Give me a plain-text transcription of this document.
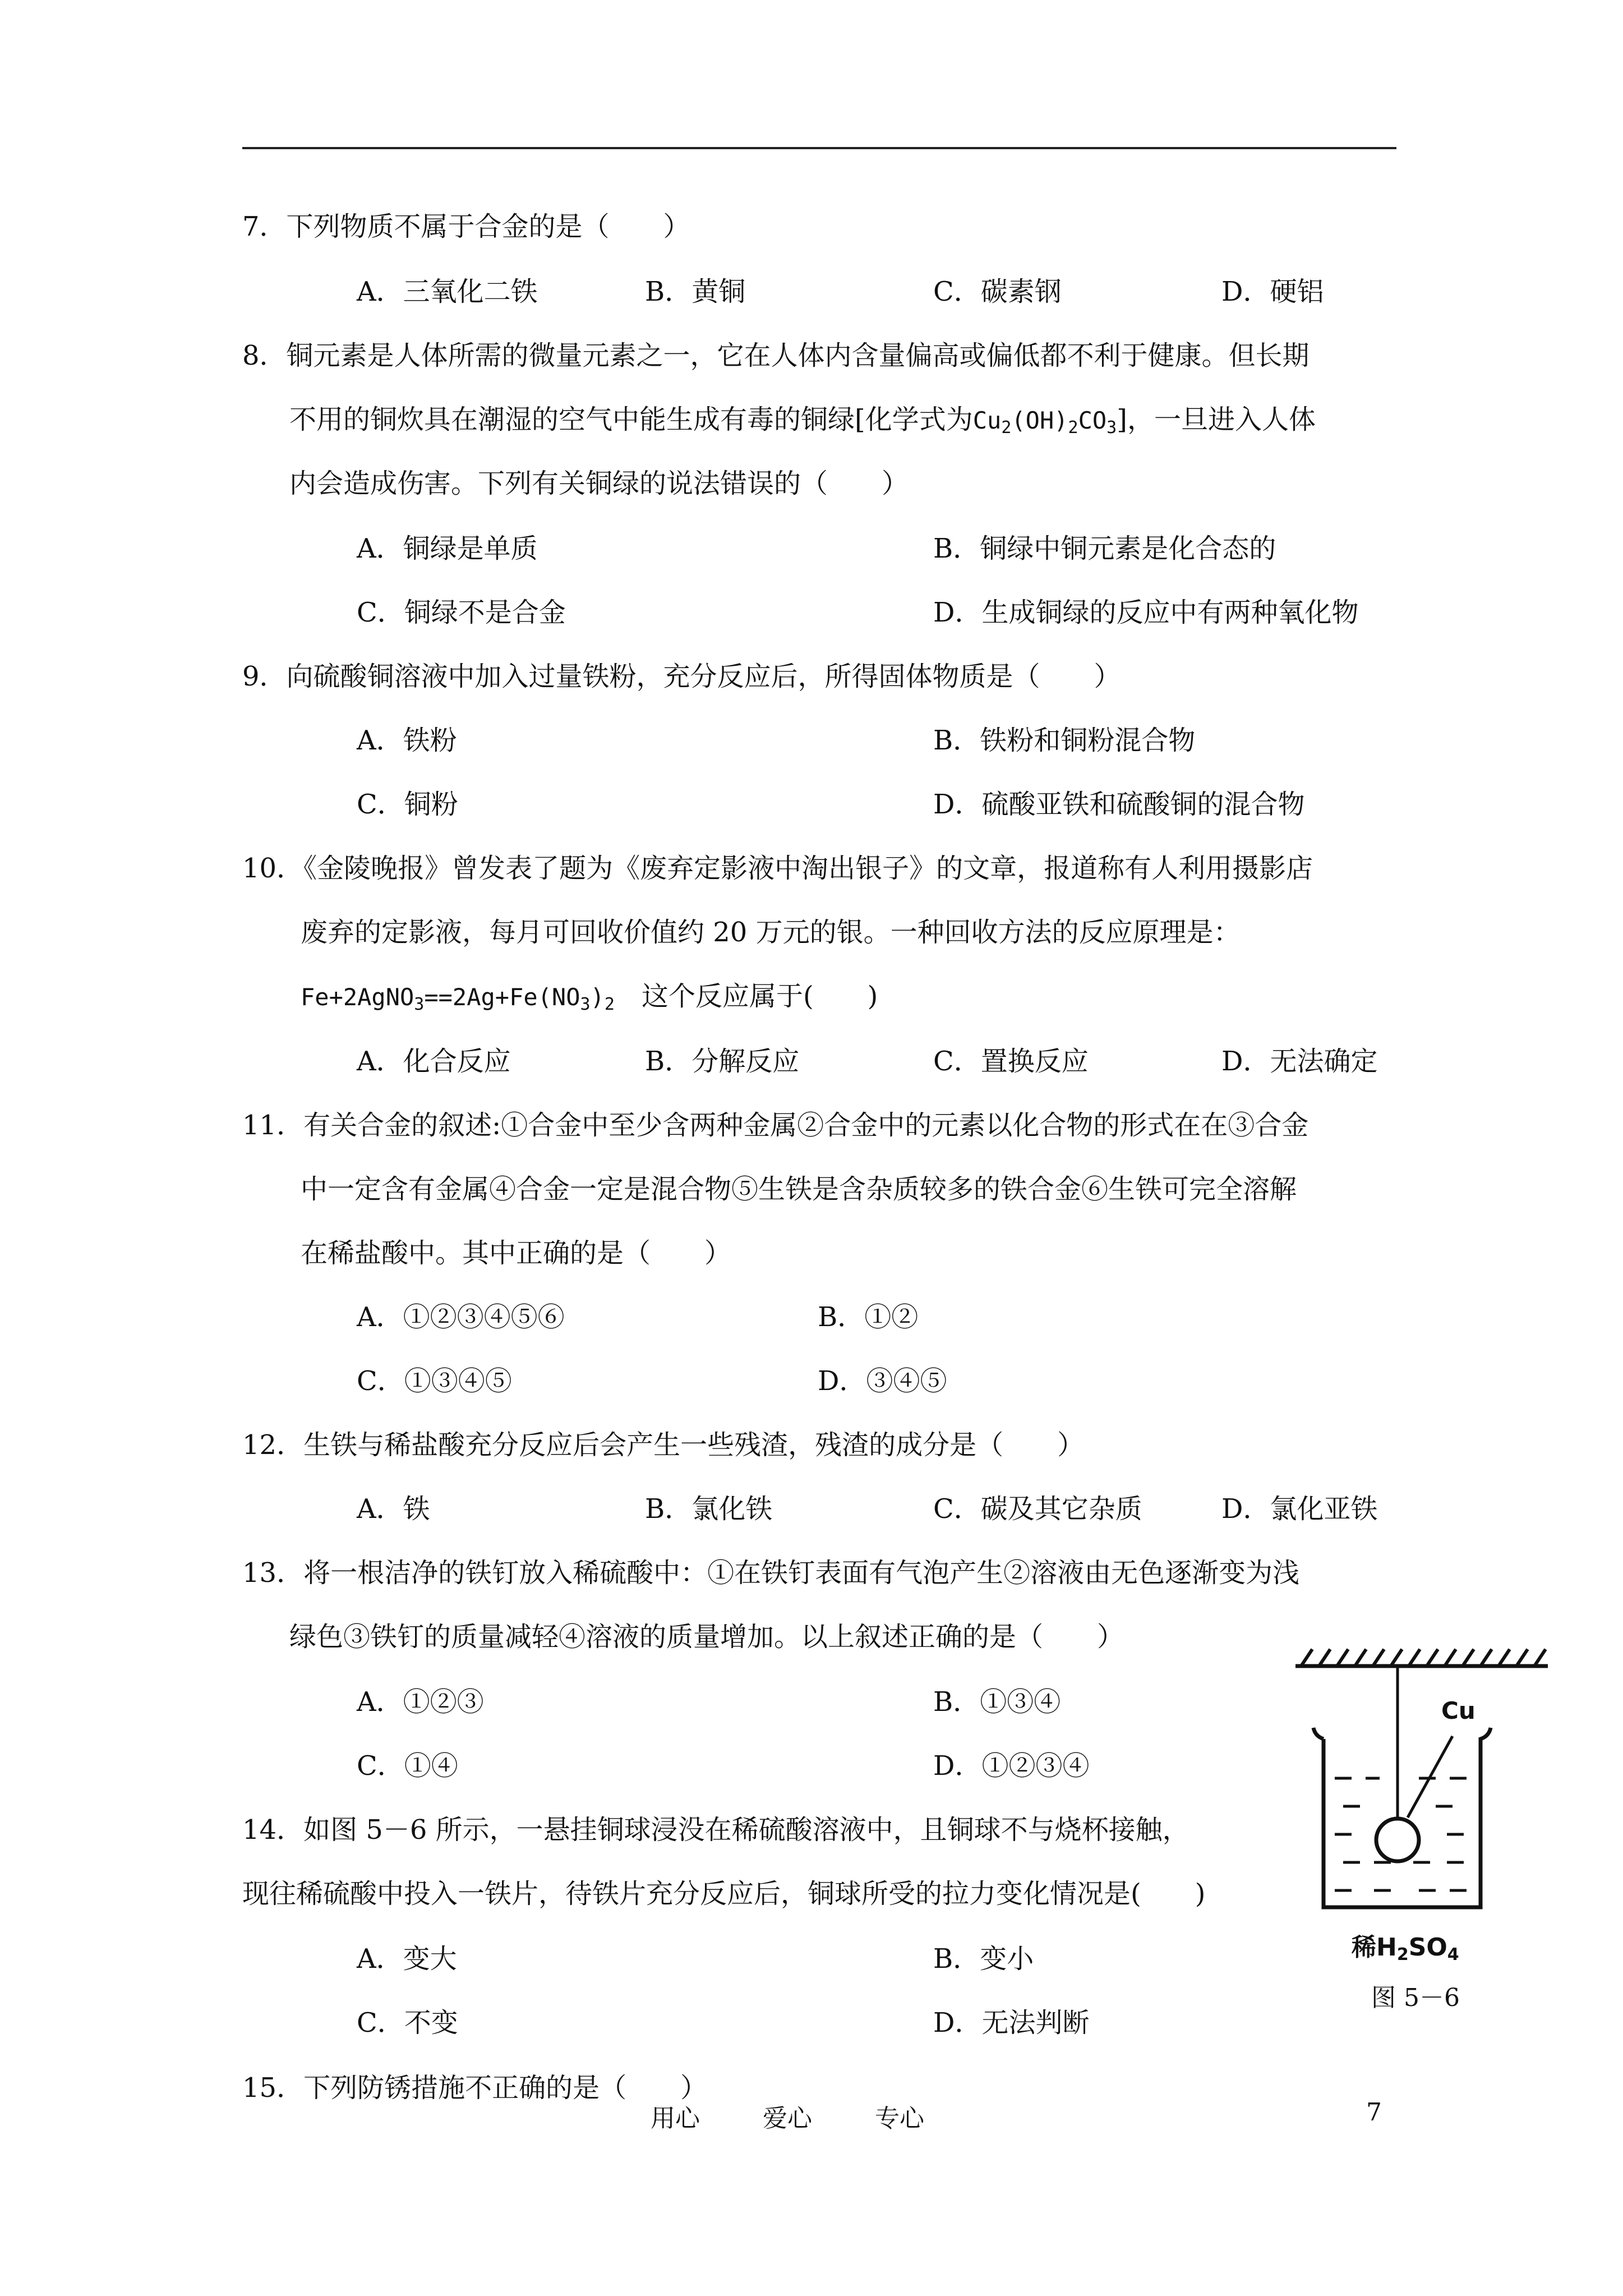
7．下列物质不属于合金的是（　　）
A．三氧化二铁	B．黄铜	C．碳素钢	D．硬铝
8．铜元素是人体所需的微量元素之一，它在人体内含量偏高或偏低都不利于健康。但长期
不用的铜炊具在潮湿的空气中能生成有毒的铜绿[化学式为$Cu_2(OH)_2CO_3$]，一旦进入人体
内会造成伤害。下列有关铜绿的说法错误的（　　）
A．铜绿是单质	B．铜绿中铜元素是化合态的
C．铜绿不是合金	D．生成铜绿的反应中有两种氧化物
9．向硫酸铜溶液中加入过量铁粉，充分反应后，所得固体物质是（　　）
A．铁粉	B．铁粉和铜粉混合物
C．铜粉	D．硫酸亚铁和硫酸铜的混合物
10．《金陵晚报》曾发表了题为《废弃定影液中淘出银子》的文章，报道称有人利用摄影店
废弃的定影液，每月可回收价值约 20 万元的银。一种回收方法的反应原理是：
$Fe+2AgNO_3==2Ag+Fe(NO_3)_2$　这个反应属于(　　)
A．化合反应	B．分解反应	C．置换反应	D．无法确定
11．有关合金的叙述:①合金中至少含两种金属②合金中的元素以化合物的形式在在③合金
中一定含有金属④合金一定是混合物⑤生铁是含杂质较多的铁合金⑥生铁可完全溶解
在稀盐酸中。其中正确的是（　　）
A．①②③④⑤⑥	B．①②
C．①③④⑤	D．③④⑤
12．生铁与稀盐酸充分反应后会产生一些残渣，残渣的成分是（　　）
A．铁	B．氯化铁	C．碳及其它杂质	D．氯化亚铁
13．将一根洁净的铁钉放入稀硫酸中：①在铁钉表面有气泡产生②溶液由无色逐渐变为浅
绿色③铁钉的质量减轻④溶液的质量增加。以上叙述正确的是（　　）
A．①②③	B．①③④
C．①④	D．①②③④
14．如图 5－6 所示，一悬挂铜球浸没在稀硫酸溶液中，且铜球不与烧杯接触，
现往稀硫酸中投入一铁片，待铁片充分反应后，铜球所受的拉力变化情况是(　　)
A．变大	B．变小
C．不变	D．无法判断
15．下列防锈措施不正确的是（　　）
Cu
稀$H_2SO_4$
图 5－6
用心	爱心	专心	7
